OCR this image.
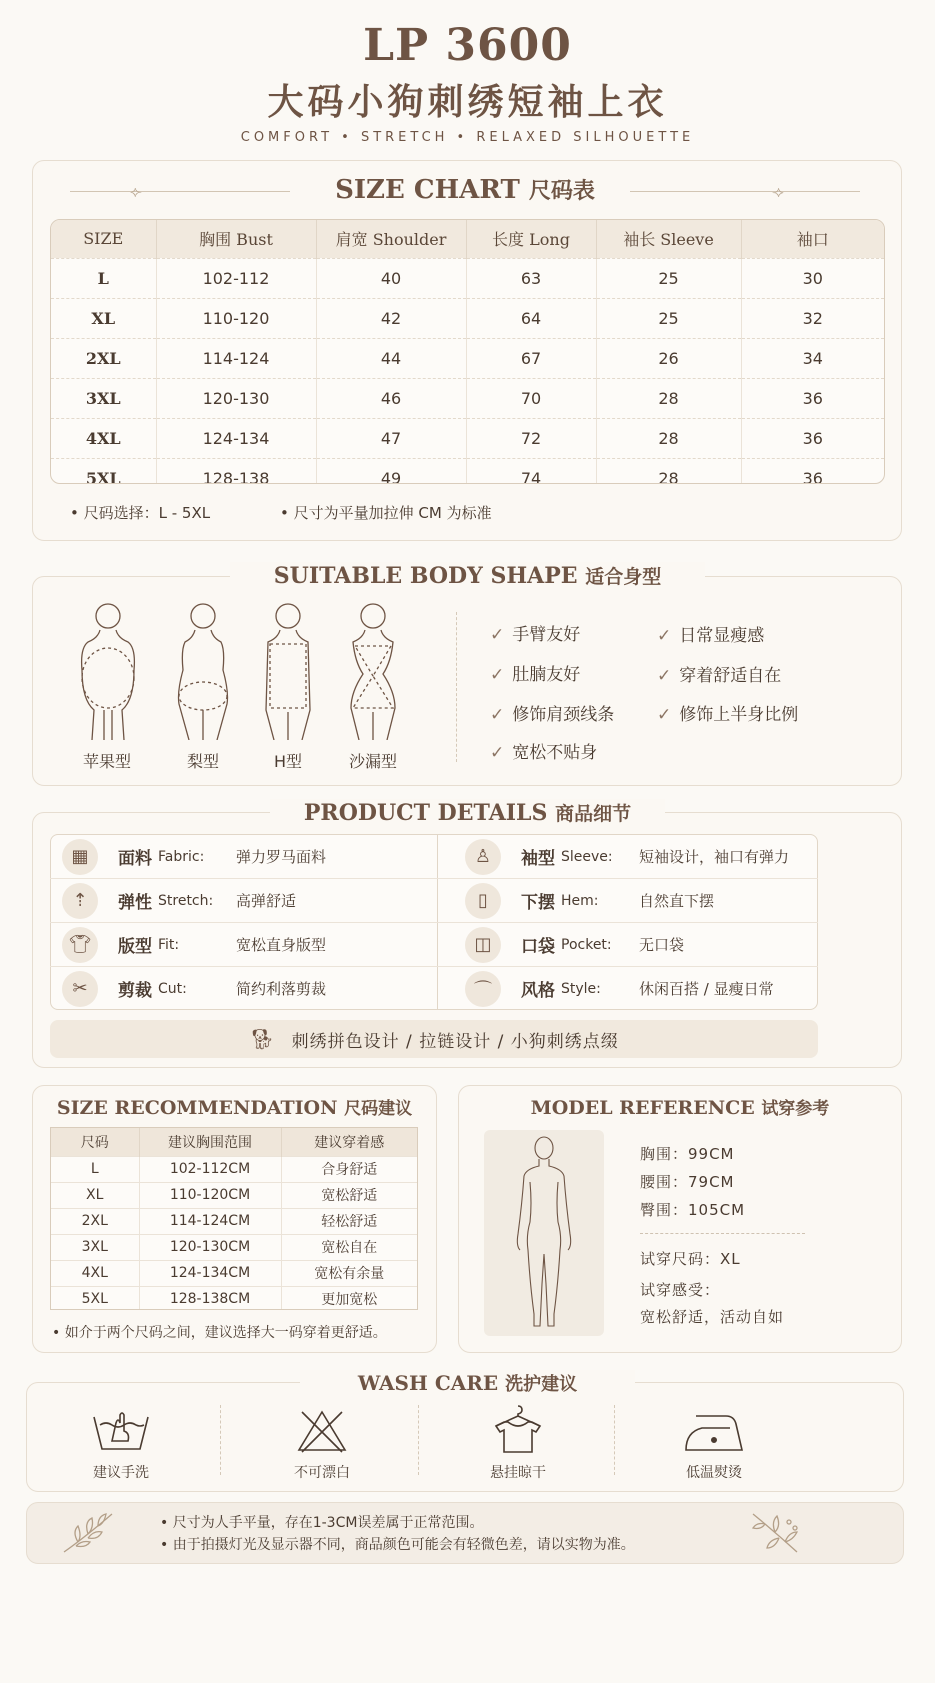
LP 3600
大码小狗刺绣短袖上衣
COMFORT • STRETCH • RELAXED SILHOUETTE
⟣	⟢
SIZE CHART 尺码表
SIZE	胸围 Bust	肩宽 Shoulder	长度 Long	袖长 Sleeve	袖口
L	102-112	40	63	25	30
XL	110-120	42	64	25	32
2XL	114-124	44	67	26	34
3XL	120-130	46	70	28	36
4XL	124-134	47	72	28	36
5XL	128-138	49	74	28	36
• 尺码选择：L - 5XL	• 尺寸为平量加拉伸 CM 为标准
SUITABLE BODY SHAPE 适合身型
苹果型	梨型	H型	沙漏型
✓ 手臂友好
✓ 肚腩友好
✓ 修饰肩颈线条
✓ 宽松不贴身
✓ 日常显瘦感
✓ 穿着舒适自在
✓ 修饰上半身比例
PRODUCT DETAILS 商品细节
▦	面料 Fabric:	弹力罗马面料
⇡	弹性 Stretch:	高弹舒适
👕︎	版型 Fit:	宽松直身版型
✂	剪裁 Cut:	简约利落剪裁
♙	袖型 Sleeve:	短袖设计，袖口有弹力
▯	下摆 Hem:	自然直下摆
◫	口袋 Pocket:	无口袋
⌒	风格 Style:	休闲百搭 / 显瘦日常
🐕︎ 刺绣拼色设计 / 拉链设计 / 小狗刺绣点缀
SIZE RECOMMENDATION 尺码建议
尺码	建议胸围范围	建议穿着感
L	102-112CM	合身舒适
XL	110-120CM	宽松舒适
2XL	114-124CM	轻松舒适
3XL	120-130CM	宽松自在
4XL	124-134CM	宽松有余量
5XL	128-138CM	更加宽松
• 如介于两个尺码之间，建议选择大一码穿着更舒适。
MODEL REFERENCE 试穿参考
胸围：99CM
腰围：79CM
臀围：105CM
试穿尺码：XL
试穿感受：
宽松舒适，活动自如
WASH CARE 洗护建议
建议手洗	不可漂白	悬挂晾干	低温熨烫
• 尺寸为人手平量，存在1-3CM误差属于正常范围。
• 由于拍摄灯光及显示器不同，商品颜色可能会有轻微色差，请以实物为准。
